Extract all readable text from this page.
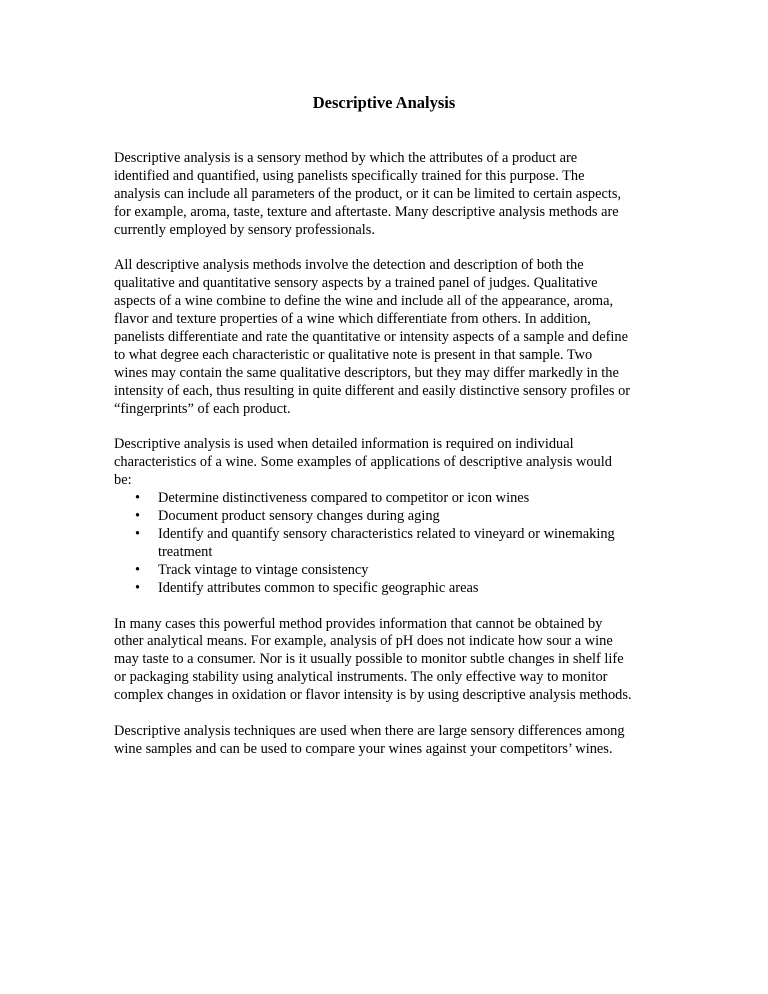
Descriptive Analysis

Descriptive analysis is a sensory method by which the attributes of a product are
identified and quantified, using panelists specifically trained for this purpose. The
analysis can include all parameters of the product, or it can be limited to certain aspects,
for example, aroma, taste, texture and aftertaste. Many descriptive analysis methods are
currently employed by sensory professionals.

All descriptive analysis methods involve the detection and description of both the
qualitative and quantitative sensory aspects by a trained panel of judges. Qualitative
aspects of a wine combine to define the wine and include all of the appearance, aroma,
flavor and texture properties of a wine which differentiate from others. In addition,
panelists differentiate and rate the quantitative or intensity aspects of a sample and define
to what degree each characteristic or qualitative note is present in that sample. Two
wines may contain the same qualitative descriptors, but they may differ markedly in the
intensity of each, thus resulting in quite different and easily distinctive sensory profiles or
“fingerprints” of each product.

Descriptive analysis is used when detailed information is required on individual
characteristics of a wine. Some examples of applications of descriptive analysis would
be:

• Determine distinctiveness compared to competitor or icon wines
• Document product sensory changes during aging
• Identify and quantify sensory characteristics related to vineyard or winemaking
treatment
• Track vintage to vintage consistency
• Identify attributes common to specific geographic areas

In many cases this powerful method provides information that cannot be obtained by
other analytical means. For example, analysis of pH does not indicate how sour a wine
may taste to a consumer. Nor is it usually possible to monitor subtle changes in shelf life
or packaging stability using analytical instruments. The only effective way to monitor
complex changes in oxidation or flavor intensity is by using descriptive analysis methods.

Descriptive analysis techniques are used when there are large sensory differences among
wine samples and can be used to compare your wines against your competitors’ wines.
